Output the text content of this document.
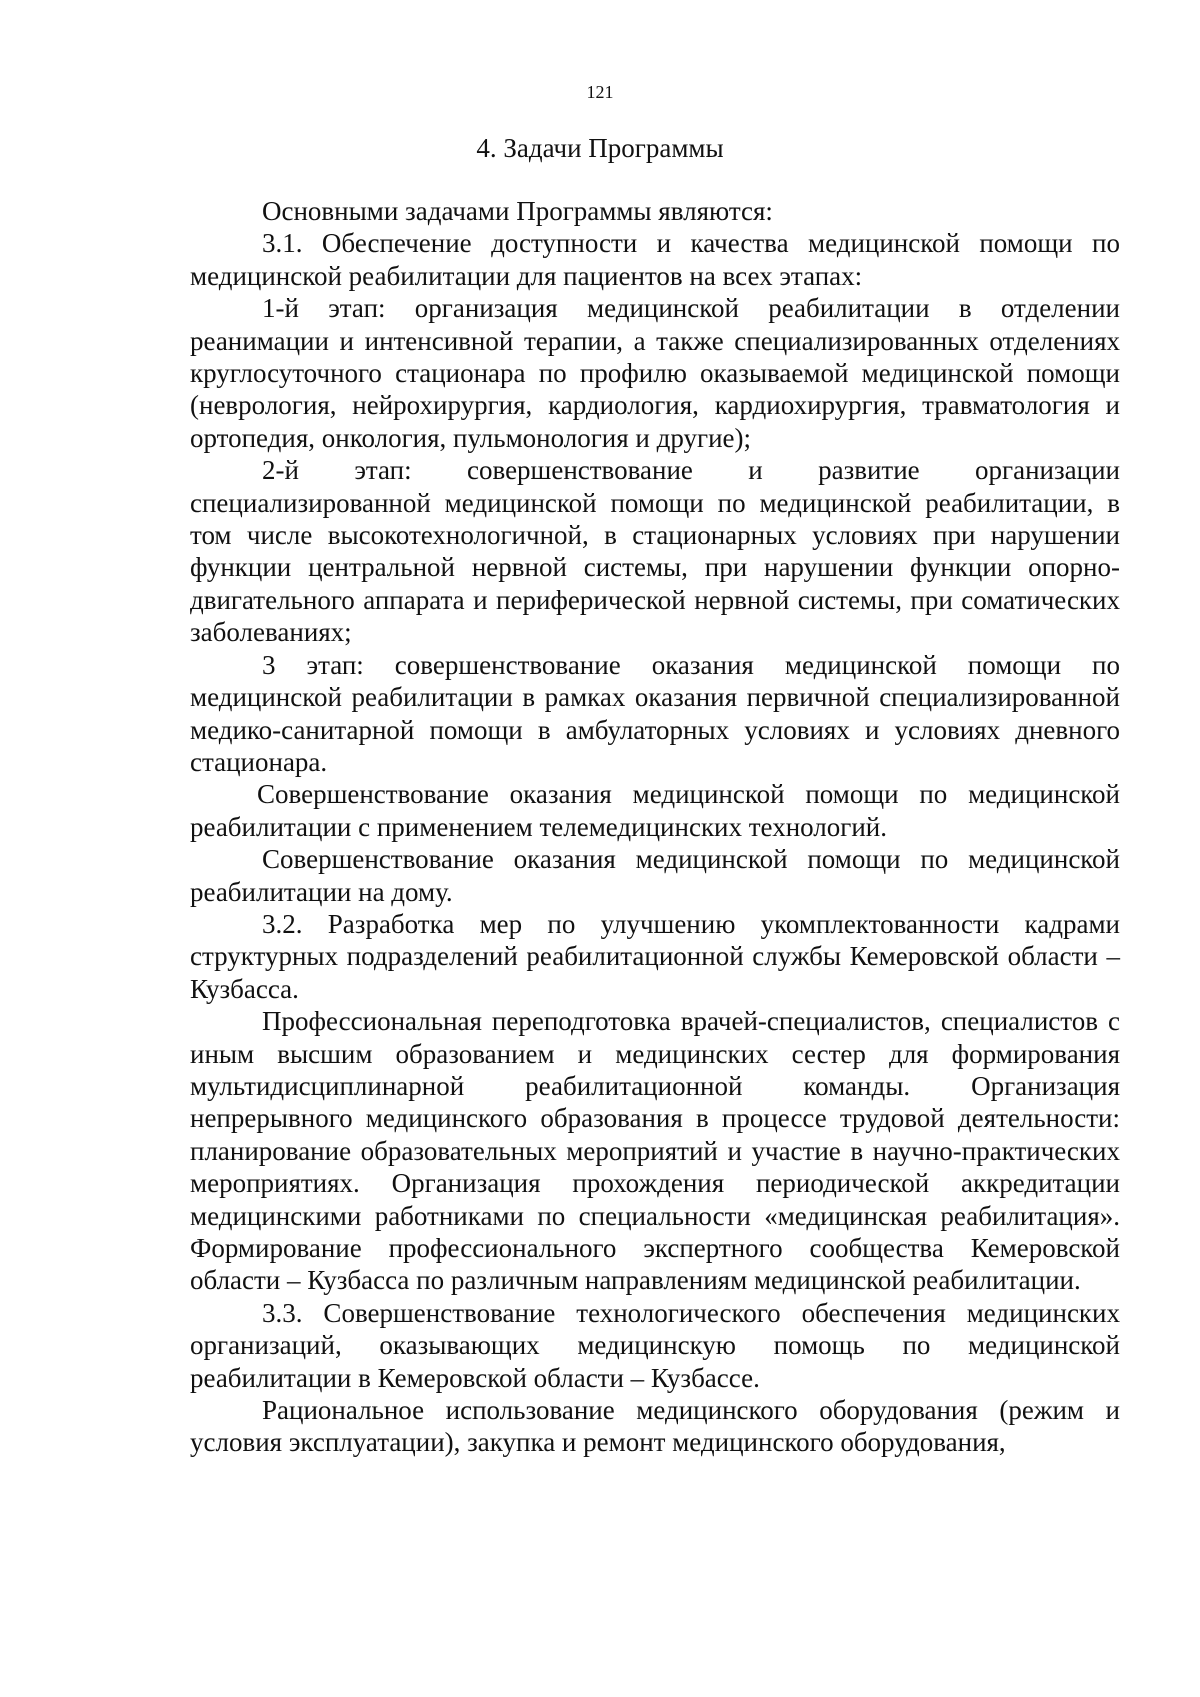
121
4. Задачи Программы

Основными задачами Программы являются:

3.1. Обеспечение доступности и качества медицинской помощи по медицинской реабилитации для пациентов на всех этапах:

1-й этап: организация медицинской реабилитации в отделении реанимации и интенсивной терапии, а также специализированных отделениях круглосуточного стационара по профилю оказываемой медицинской помощи (неврология, нейрохирургия, кардиология, кардиохирургия, травматология и ортопедия, онкология, пульмонология и другие);

2-й этап: совершенствование и развитие организации специализированной медицинской помощи по медицинской реабилитации, в том числе высокотехнологичной, в стационарных условиях при нарушении функции центральной нервной системы, при нарушении функции опорно-двигательного аппарата и периферической нервной системы, при соматических заболеваниях;

3 этап: совершенствование оказания медицинской помощи по медицинской реабилитации в рамках оказания первичной специализированной медико-санитарной помощи в амбулаторных условиях и условиях дневного стационара.

Совершенствование оказания медицинской помощи по медицинской реабилитации с применением телемедицинских технологий.

Совершенствование оказания медицинской помощи по медицинской реабилитации на дому.

3.2. Разработка мер по улучшению укомплектованности кадрами структурных подразделений реабилитационной службы Кемеровской области – Кузбасса.

Профессиональная переподготовка врачей-специалистов, специалистов с иным высшим образованием и медицинских сестер для формирования мультидисциплинарной реабилитационной команды. Организация непрерывного медицинского образования в процессе трудовой деятельности: планирование образовательных мероприятий и участие в научно-практических мероприятиях. Организация прохождения периодической аккредитации медицинскими работниками по специальности «медицинская реабилитация». Формирование профессионального экспертного сообщества Кемеровской области – Кузбасса по различным направлениям медицинской реабилитации.

3.3. Совершенствование технологического обеспечения медицинских организаций, оказывающих медицинскую помощь по медицинской реабилитации в Кемеровской области – Кузбассе.

Рациональное использование медицинского оборудования (режим и условия эксплуатации), закупка и ремонт медицинского оборудования,
